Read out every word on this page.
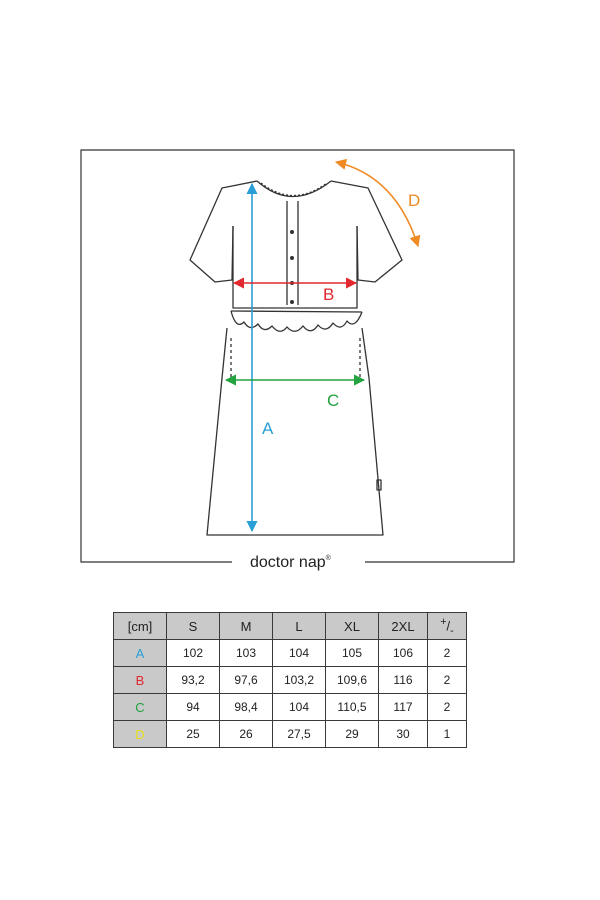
A
B
C
D
doctor nap®
[cm]	S	M	L	XL	2XL	$^+/_-$
A	102	103	104	105	106	2
B	93,2	97,6	103,2	109,6	116	2
C	94	98,4	104	110,5	117	2
D	25	26	27,5	29	30	1
